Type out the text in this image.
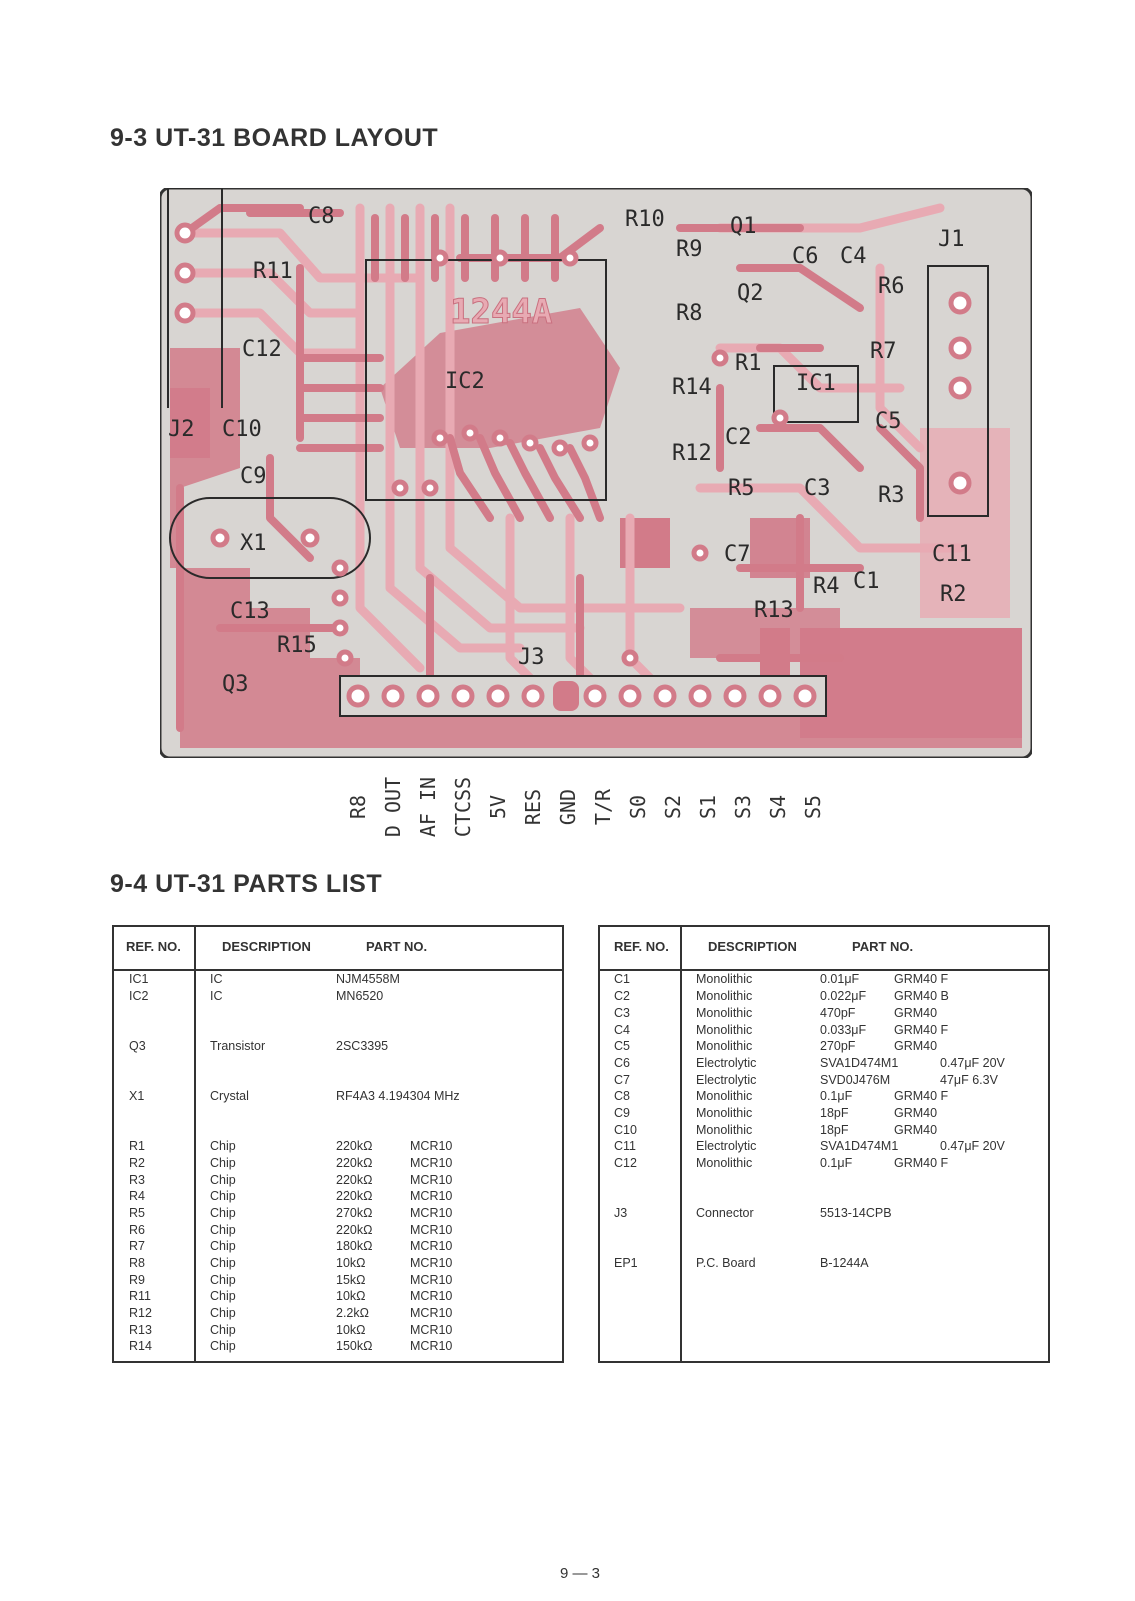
9-3 UT-31 BOARD LAYOUT
9-4 UT-31 PARTS LIST
1244A
C8	R10
R9
Q1
C6 C4
J1
R11
R6
Q2
R8
C12	R7
R1
IC2	R14	IC1
J2 C10	C5
C2
R12
C9	R5 C3 R3
X1	C7	C11
R4 C1
R2
R13
C13
R15	J3
Q3
R8 D OUT AF IN CTCSS 5V RES GND T/R S0 S2 S1 S3 S4 S5
REF. NO.	DESCRIPTION	PART NO.
IC1	IC	NJM4558M
IC2	IC	MN6520
Q3	Transistor	2SC3395
X1	Crystal	RF4A3 4.194304 MHz
R1	Chip	220kΩ	MCR10
R2	Chip	220kΩ	MCR10
R3	Chip	220kΩ	MCR10
R4	Chip	220kΩ	MCR10
R5	Chip	270kΩ	MCR10
R6	Chip	220kΩ	MCR10
R7	Chip	180kΩ	MCR10
R8	Chip	10kΩ	MCR10
R9	Chip	15kΩ	MCR10
R11	Chip	10kΩ	MCR10
R12	Chip	2.2kΩ	MCR10
R13	Chip	10kΩ	MCR10
R14	Chip	150kΩ	MCR10
REF. NO.	DESCRIPTION	PART NO.
C1	Monolithic	0.01μF	GRM40 F
C2	Monolithic	0.022μF GRM40 B
C3	Monolithic	470pF	GRM40
C4	Monolithic	0.033μF GRM40 F
C5	Monolithic	270pF	GRM40
C6	Electrolytic	SVA1D474M1	0.47μF 20V
C7	Electrolytic	SVD0J476M	47μF 6.3V
C8	Monolithic	0.1μF	GRM40 F
C9	Monolithic	18pF	GRM40
C10	Monolithic	18pF	GRM40
C11	Electrolytic	SVA1D474M1	0.47μF 20V
C12	Monolithic	0.1μF	GRM40 F
J3	Connector	5513-14CPB
EP1	P.C. Board	B-1244A
9 — 3
